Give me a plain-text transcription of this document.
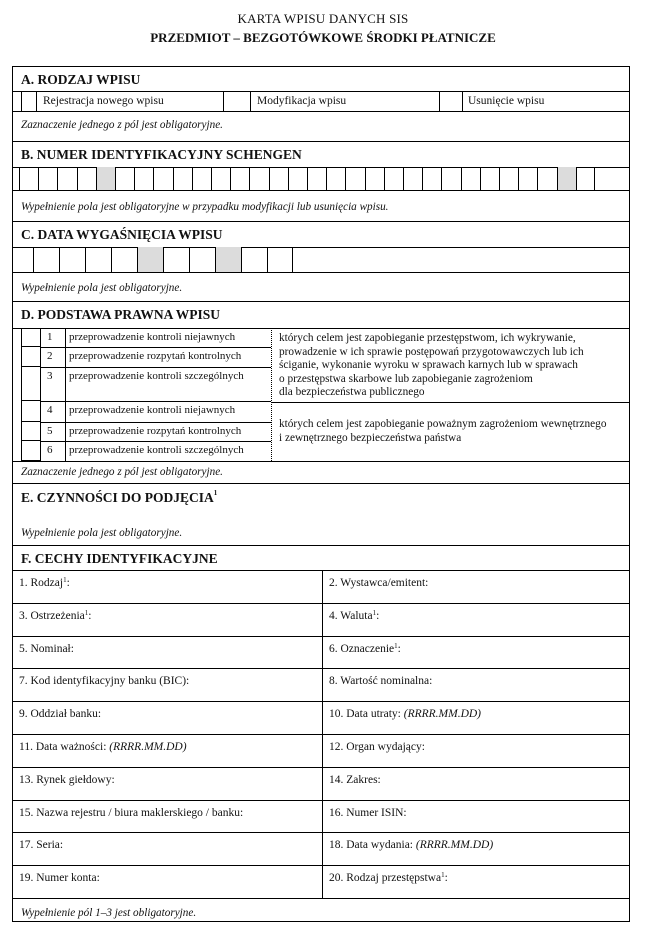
KARTA WPISU DANYCH SIS
PRZEDMIOT – BEZGOTÓWKOWE ŚRODKI PŁATNICZE
A. RODZAJ WPISU
Rejestracja nowego wpisu	Modyfikacja wpisu	Usunięcie wpisu
Zaznaczenie jednego z pól jest obligatoryjne.
B. NUMER IDENTYFIKACYJNY SCHENGEN
Wypełnienie pola jest obligatoryjne w przypadku modyfikacji lub usunięcia wpisu.
C. DATA WYGAŚNIĘCIA WPISU
Wypełnienie pola jest obligatoryjne.
D. PODSTAWA PRAWNA WPISU
1 przeprowadzenie kontroli niejawnych
2 przeprowadzenie rozpytań kontrolnych
3 przeprowadzenie kontroli szczególnych
4 przeprowadzenie kontroli niejawnych
5 przeprowadzenie rozpytań kontrolnych
6 przeprowadzenie kontroli szczególnych
których celem jest zapobieganie przestępstwom, ich wykrywanie,
prowadzenie w ich sprawie postępowań przygotowawczych lub ich
ściganie, wykonanie wyroku w sprawach karnych lub w sprawach
o przestępstwa skarbowe lub zapobieganie zagrożeniom
dla bezpieczeństwa publicznego
których celem jest zapobieganie poważnym zagrożeniom wewnętrznego
i zewnętrznego bezpieczeństwa państwa
Zaznaczenie jednego z pól jest obligatoryjne.
E. CZYNNOŚCI DO PODJĘCIA$^1$
Wypełnienie pola jest obligatoryjne.
F. CECHY IDENTYFIKACYJNE
1. Rodzaj$^1$:	2. Wystawca/emitent:
3. Ostrzeżenia$^1$:	4. Waluta$^1$:
5. Nominał:	6. Oznaczenie$^1$:
7. Kod identyfikacyjny banku (BIC):	8. Wartość nominalna:
9. Oddział banku:	10. Data utraty: (RRRR.MM.DD)
11. Data ważności: (RRRR.MM.DD)	12. Organ wydający:
13. Rynek giełdowy:	14. Zakres:
15. Nazwa rejestru / biura maklerskiego / banku:	16. Numer ISIN:
17. Seria:	18. Data wydania: (RRRR.MM.DD)
19. Numer konta:	20. Rodzaj przestępstwa$^1$:
Wypełnienie pól 1–3 jest obligatoryjne.
